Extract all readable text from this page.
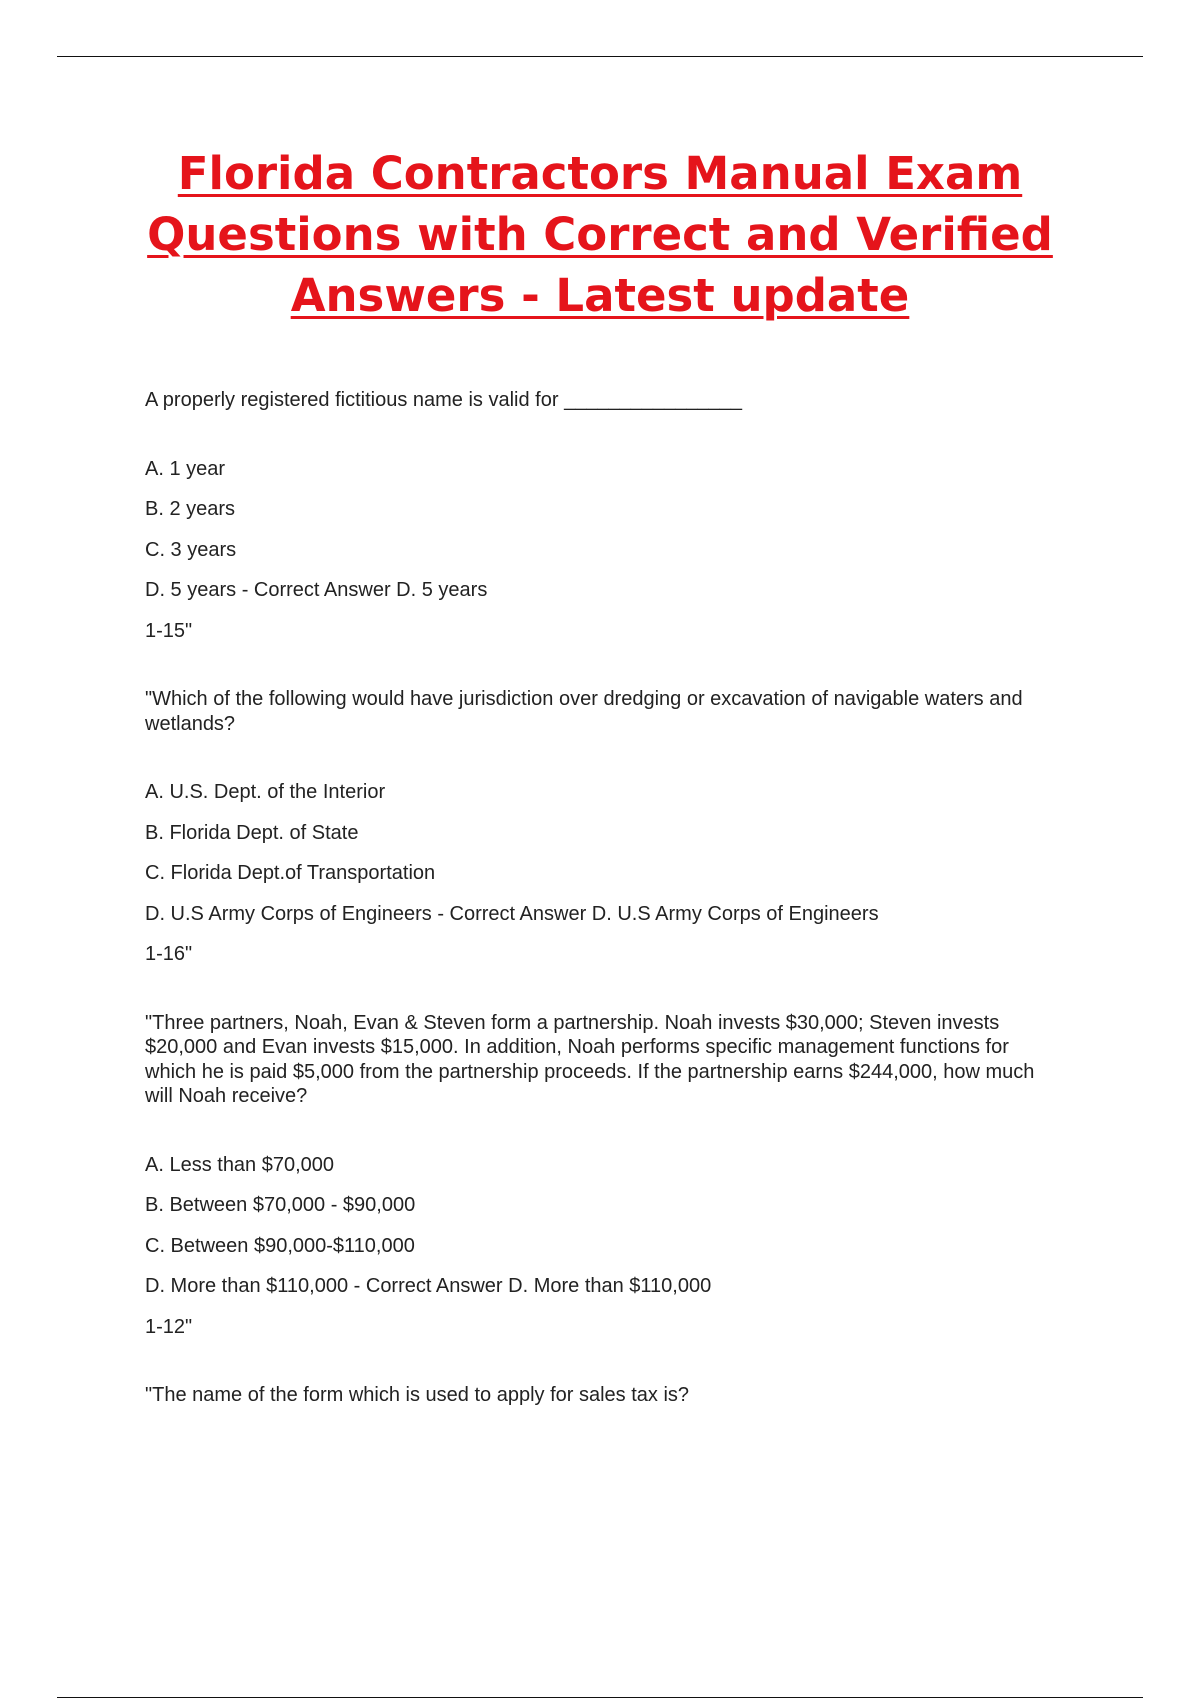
Florida Contractors Manual Exam Questions with Correct and Verified Answers - Latest update

A properly registered fictitious name is valid for ________________

A. 1 year

B. 2 years

C. 3 years

D. 5 years - Correct Answer D. 5 years

1-15"

"Which of the following would have jurisdiction over dredging or excavation of navigable waters and wetlands?

A. U.S. Dept. of the Interior

B. Florida Dept. of State

C. Florida Dept.of Transportation

D. U.S Army Corps of Engineers - Correct Answer D. U.S Army Corps of Engineers

1-16"

"Three partners, Noah, Evan & Steven form a partnership. Noah invests $30,000; Steven invests $20,000 and Evan invests $15,000. In addition, Noah performs specific management functions for which he is paid $5,000 from the partnership proceeds. If the partnership earns $244,000, how much will Noah receive?

A. Less than $70,000

B. Between $70,000 - $90,000

C. Between $90,000-$110,000

D. More than $110,000 - Correct Answer D. More than $110,000

1-12"

"The name of the form which is used to apply for sales tax is?
